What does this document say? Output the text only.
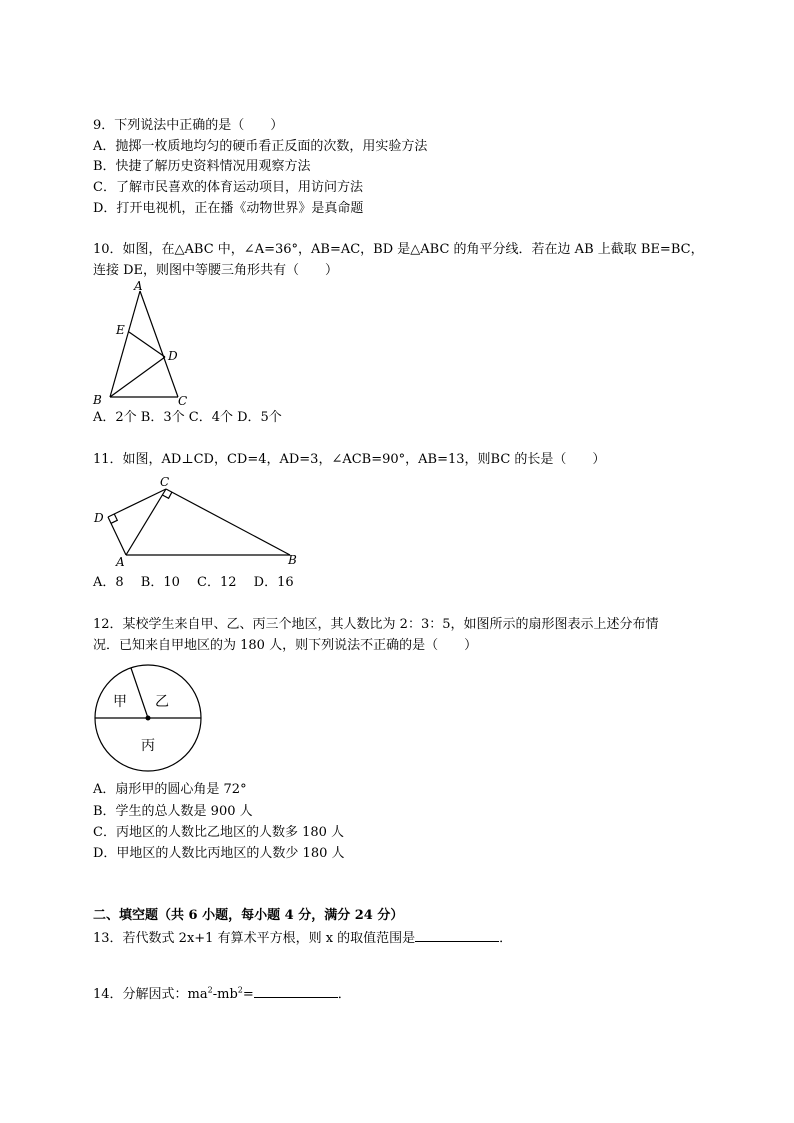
9．下列说法中正确的是（　　）
A．抛掷一枚质地均匀的硬币看正反面的次数，用实验方法
B．快捷了解历史资料情况用观察方法
C．了解市民喜欢的体育运动项目，用访问方法
D．打开电视机，正在播《动物世界》是真命题
10．如图，在△ABC 中，∠A=36°，AB=AC，BD 是△ABC 的角平分线．若在边 AB 上截取 BE=BC，
连接 DE，则图中等腰三角形共有（　　）
A
E
D
B	C
A．2个 B．3个 C．4个 D．5个
11．如图，AD⊥CD，CD=4，AD=3，∠ACB=90°，AB=13，则BC 的长是（　　）
C
D
A	B
A．8　 B．10　 C．12　 D．16
12．某校学生来自甲、乙、丙三个地区，其人数比为 2：3：5，如图所示的扇形图表示上述分布情
况．已知来自甲地区的为 180 人，则下列说法不正确的是（　　）
甲 乙
丙
A．扇形甲的圆心角是 72°
B．学生的总人数是 900 人
C．丙地区的人数比乙地区的人数多 180 人
D．甲地区的人数比丙地区的人数少 180 人
二、填空题（共 6 小题，每小题 4 分，满分 24 分）
13．若代数式 2x+1 有算术平方根，则 x 的取值范围是	．
14．分解因式：$ma^2-mb^2=$	．
